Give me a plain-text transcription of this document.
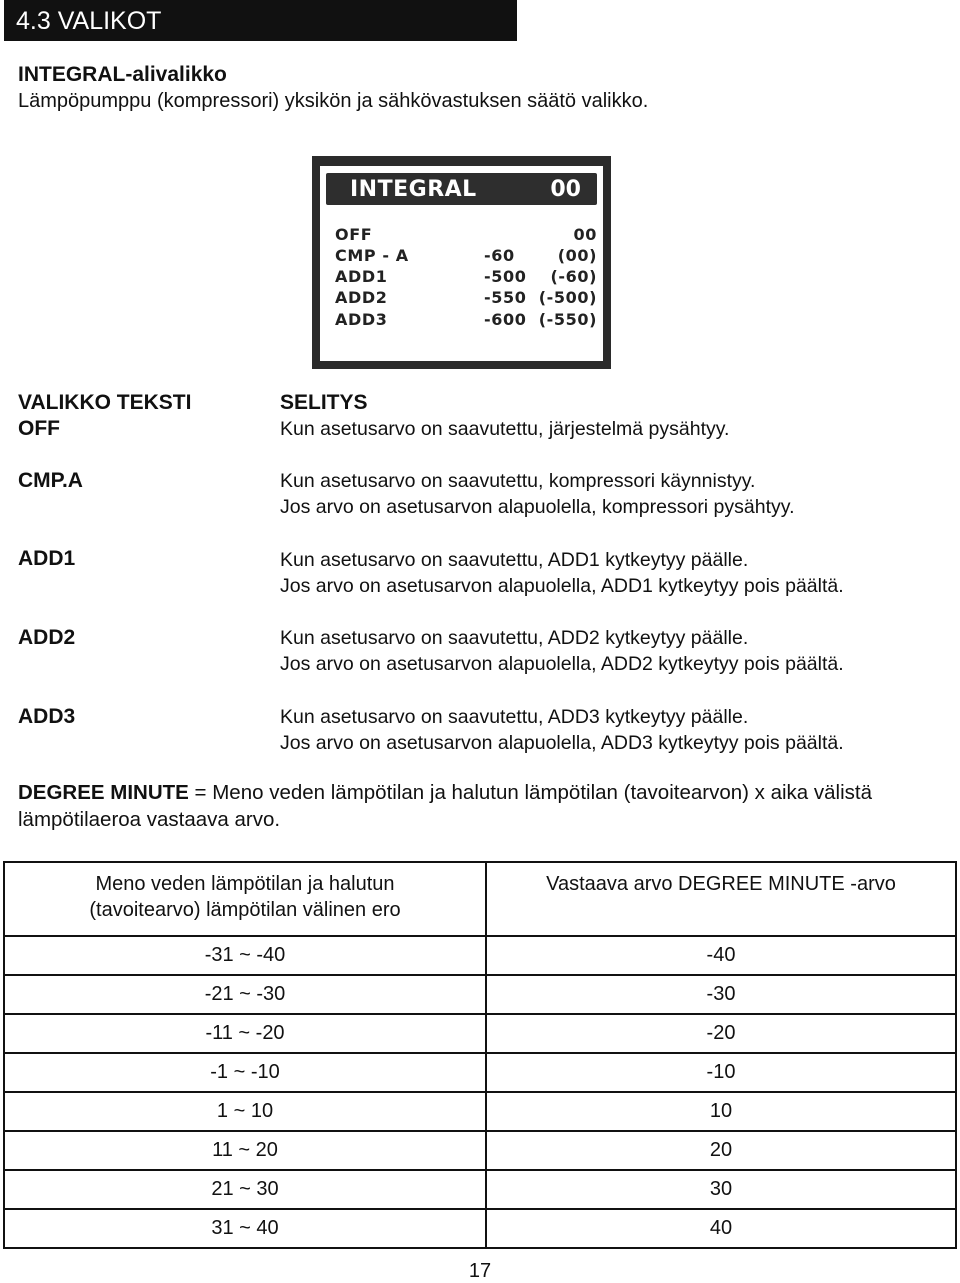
4.3 VALIKOT
INTEGRAL-alivalikko
Lämpöpumppu (kompressori) yksikön ja sähkövastuksen säätö valikko.
INTEGRAL	00
OFF	00
CMP - A	-60	(00)
ADD1	-500 (-60)
ADD2	-550 (-500)
ADD3	-600 (-550)
VALIKKO TEKSTI	SELITYS
OFF	Kun asetusarvo on saavutettu, järjestelmä pysähtyy.
CMP.A	Kun asetusarvo on saavutettu, kompressori käynnistyy.
Jos arvo on asetusarvon alapuolella, kompressori pysähtyy.
ADD1	Kun asetusarvo on saavutettu, ADD1 kytkeytyy päälle.
Jos arvo on asetusarvon alapuolella, ADD1 kytkeytyy pois päältä.
ADD2	Kun asetusarvo on saavutettu, ADD2 kytkeytyy päälle.
Jos arvo on asetusarvon alapuolella, ADD2 kytkeytyy pois päältä.
ADD3	Kun asetusarvo on saavutettu, ADD3 kytkeytyy päälle.
Jos arvo on asetusarvon alapuolella, ADD3 kytkeytyy pois päältä.
DEGREE MINUTE = Meno veden lämpötilan ja halutun lämpötilan (tavoitearvon) x aika välistä lämpötilaeroa vastaava arvo.
Meno veden lämpötilan ja halutun
(tavoitearvo) lämpötilan välinen ero	Vastaava arvo DEGREE MINUTE -arvo

-31 ~ -40	-40
-21 ~ -30	-30
-11 ~ -20	-20
-1 ~ -10	-10
1 ~ 10	10
11 ~ 20	20
21 ~ 30	30
31 ~ 40	40
17
